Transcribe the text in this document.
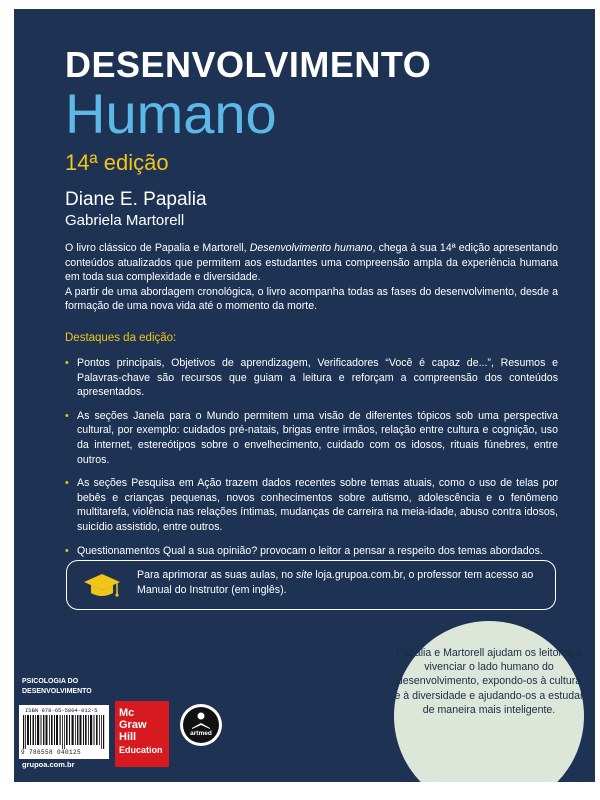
DESENVOLVIMENTO
Humano
14ª edição
Diane E. Papalia
Gabriela Martorell

O livro clássico de Papalia e Martorell, Desenvolvimento humano, chega à sua 14ª edição apresentando conteúdos atualizados que permitem aos estudantes uma compreensão ampla da experiência humana em toda sua complexidade e diversidade.

A partir de uma abordagem cronológica, o livro acompanha todas as fases do desenvolvimento, desde a formação de uma nova vida até o momento da morte.

Destaques da edição:
• Pontos principais, Objetivos de aprendizagem, Verificadores “Você é capaz de...”, Resumos e Palavras-chave são recursos que guiam a leitura e reforçam a compreensão dos conteúdos apresentados.
• As seções Janela para o Mundo permitem uma visão de diferentes tópicos sob uma perspectiva cultural, por exemplo: cuidados pré-natais, brigas entre irmãos, relação entre cultura e cognição, uso da internet, estereótipos sobre o envelhecimento, cuidado com os idosos, rituais fúnebres, entre outros.
• As seções Pesquisa em Ação trazem dados recentes sobre temas atuais, como o uso de telas por bebês e crianças pequenas, novos conhecimentos sobre autismo, adolescência e o fenômeno multitarefa, violência nas relações íntimas, mudanças de carreira na meia-idade, abuso contra idosos, suicídio assistido, entre outros.
• Questionamentos Qual a sua opinião? provocam o leitor a pensar a respeito dos temas abordados.
Para aprimorar as suas aulas, no site loja.grupoa.com.br, o professor tem acesso ao Manual do Instrutor (em inglês).

Papalia e Martorell ajudam os leitores a vivenciar o lado humano do desenvolvimento, expondo-os à cultura e à diversidade e ajudando-os a estudar de maneira mais inteligente.

PSICOLOGIA DO
DESENVOLVIMENTO
ISBN 978-65-5804-012-5
9 786558 040125
Mc
Graw
Hill
Education
artmed
grupoa.com.br
